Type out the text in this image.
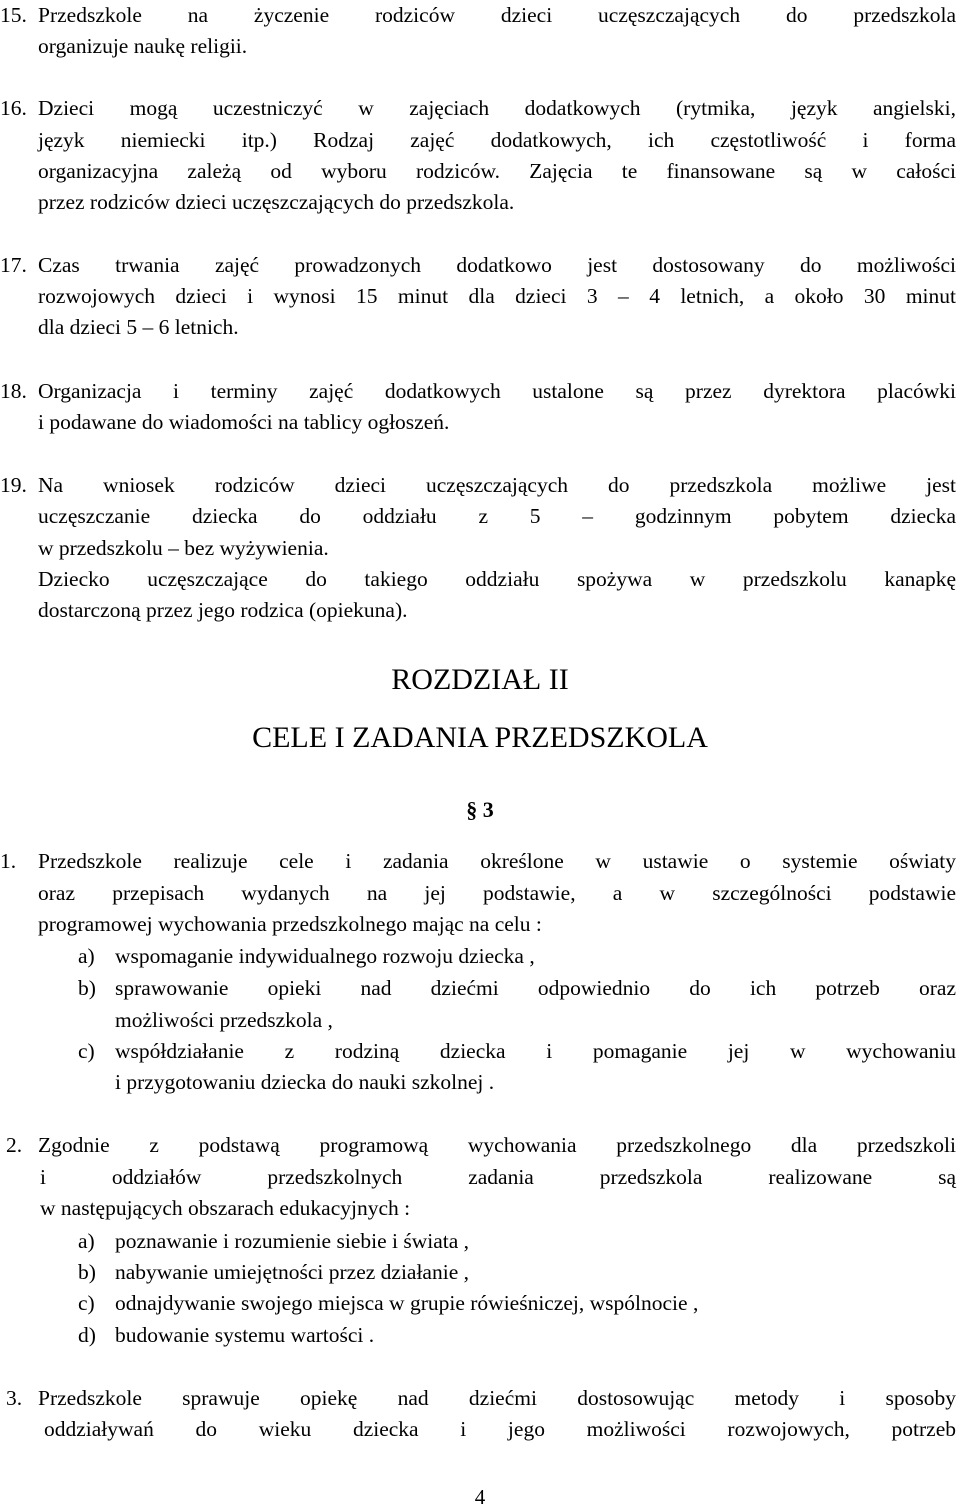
15. Przedszkole na życzenie rodziców dzieci uczęszczających do przedszkola
organizuje naukę religii.
16. Dzieci mogą uczestniczyć w zajęciach dodatkowych (rytmika, język angielski,
język niemiecki itp.) Rodzaj zajęć dodatkowych, ich częstotliwość i forma
organizacyjna zależą od wyboru rodziców. Zajęcia te finansowane są w całości
przez rodziców dzieci uczęszczających do przedszkola.
17. Czas trwania zajęć prowadzonych dodatkowo jest dostosowany do możliwości
rozwojowych dzieci i wynosi 15 minut dla dzieci 3 – 4 letnich, a około 30 minut
dla dzieci 5 – 6 letnich.
18. Organizacja i terminy zajęć dodatkowych ustalone są przez dyrektora placówki
i podawane do wiadomości na tablicy ogłoszeń.
19. Na wniosek rodziców dzieci uczęszczających do przedszkola możliwe jest
uczęszczanie dziecka do oddziału z 5 – godzinnym pobytem dziecka
w przedszkolu – bez wyżywienia.
Dziecko uczęszczające do takiego oddziału spożywa w przedszkolu kanapkę
dostarczoną przez jego rodzica (opiekuna).
ROZDZIAŁ II
CELE I ZADANIA PRZEDSZKOLA
§ 3
1. Przedszkole realizuje cele i zadania określone w ustawie o systemie oświaty
oraz przepisach wydanych na jej podstawie, a w szczególności podstawie
programowej wychowania przedszkolnego mając na celu :
a) wspomaganie indywidualnego rozwoju dziecka ,
b) sprawowanie opieki nad dziećmi odpowiednio do ich potrzeb oraz
możliwości przedszkola ,
c) współdziałanie z rodziną dziecka i pomaganie jej w wychowaniu
i przygotowaniu dziecka do nauki szkolnej .
2. Zgodnie z podstawą programową wychowania przedszkolnego dla przedszkoli
i oddziałów przedszkolnych zadania przedszkola realizowane są
w następujących obszarach edukacyjnych :
a) poznawanie i rozumienie siebie i świata ,
b) nabywanie umiejętności przez działanie ,
c) odnajdywanie swojego miejsca w grupie rówieśniczej, wspólnocie ,
d) budowanie systemu wartości .
3. Przedszkole sprawuje opiekę nad dziećmi dostosowując metody i sposoby
oddziaływań do wieku dziecka i jego możliwości rozwojowych, potrzeb
4
